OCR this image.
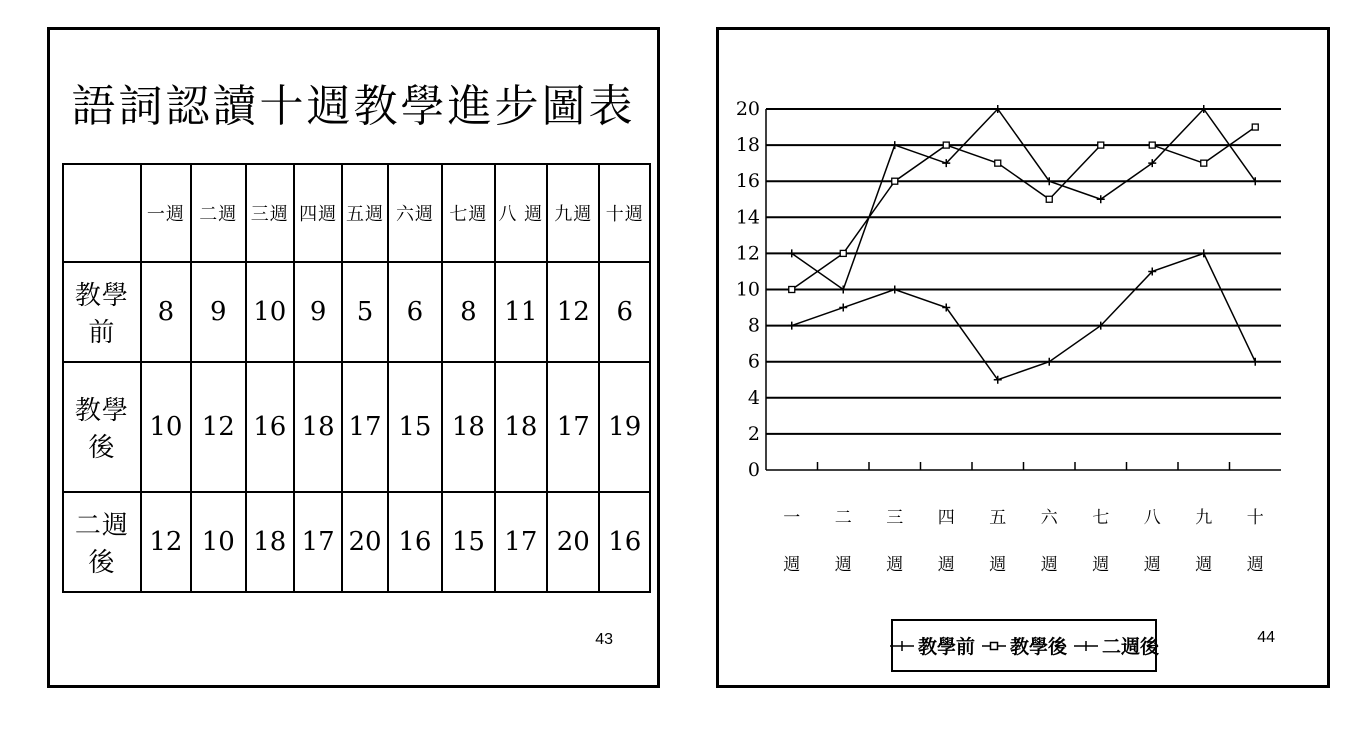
語詞認讀十週教學進步圖表
	一週	二週	三週	四週	五週	六週	七週	八 週	九週	十週
教學前	8	9	10	9	5	6	8	11	12	6
教學後	10	12	16	18	17	15	18	18	17	19
二週後	12	10	18	17	20	16	15	17	20	16
43
0
2
4
6
8
10
12
14
16
18
20
一
週
二
週
三
週
四
週
五
週
六
週
七
週
八
週
九
週
十
週
教學前 教學後 二週後	44
